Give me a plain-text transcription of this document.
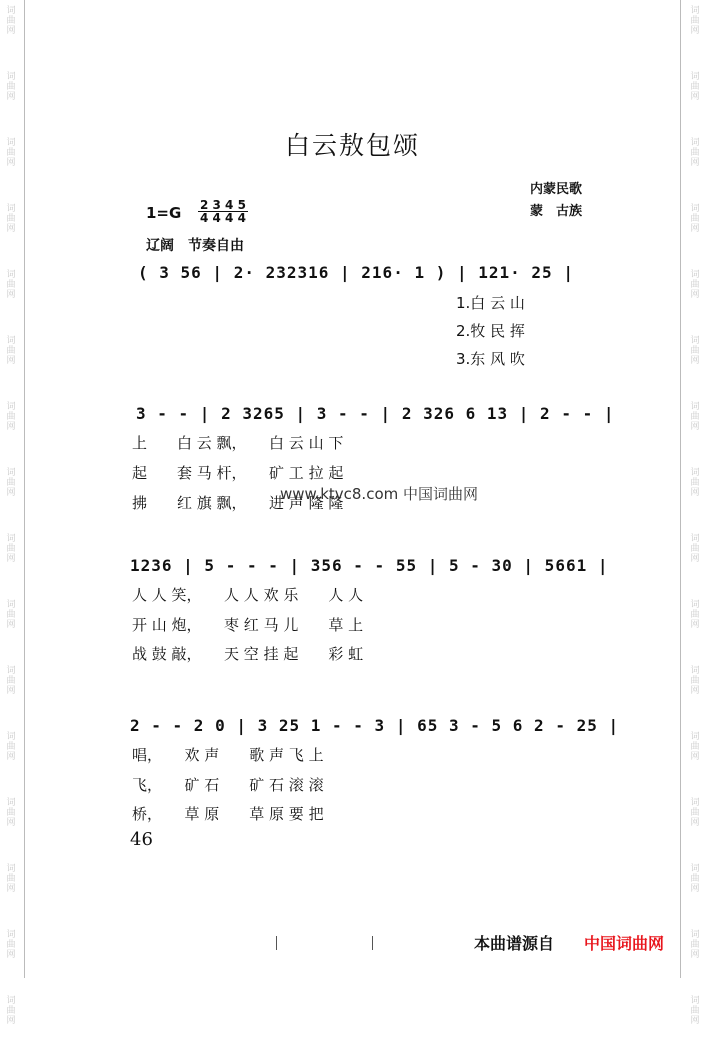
词
曲
网
词
曲
网
词
曲
网
词
曲
网
词
曲
网
词
曲
网
词
曲
网
词
曲
网
词
曲
网
词
曲
网
词
曲
网
词
曲
网
词
曲
网
词
曲
网
词
曲
网
词
曲
网
词
曲
网
词
曲
网
词
曲
网
词
曲
网
词
曲
网
词
曲
网
词
曲
网
词
曲
网
词
曲
网
词
曲
网
词
曲
网
词
曲
网
词
曲
网
词
曲
网
词
曲
网
词
曲
网
白云敖包颂
内蒙民歌
蒙　古族
$1=G \frac{2 3 4 5}{4 4 4 4}$
辽阔　节奏自由
( 3 56 | 2· 232316 | 216· 1 ) | 121· 25 |
1.白 云 山
2.牧 民 挥
3.东 风 吹
3 - - | 2 3265 | 3 - - | 2 326 6 13 | 2 - - |
上　　白 云 飘，　　白 云 山 下
起　　套 马 杆，　　矿 工 拉 起
拂　　红 旗 飘，　　进 声 隆 隆
www.ktvc8.com 中国词曲网
1236 | 5 - - - | 356 - - 55 | 5 - 30 | 5661 |
人 人 笑，　　人 人 欢 乐　　人 人
开 山 炮，　　枣 红 马 儿　　草 上
战 鼓 敲，　　天 空 挂 起　　彩 虹
2 - - 2 0 | 3 25 1 - - 3 | 65 3 - 5 6 2 - 25 |
唱，　　欢 声　　歌 声 飞 上
飞，　　矿 石　　矿 石 滚 滚
桥，　　草 原　　草 原 要 把
46
本曲谱源自 中国词曲网
